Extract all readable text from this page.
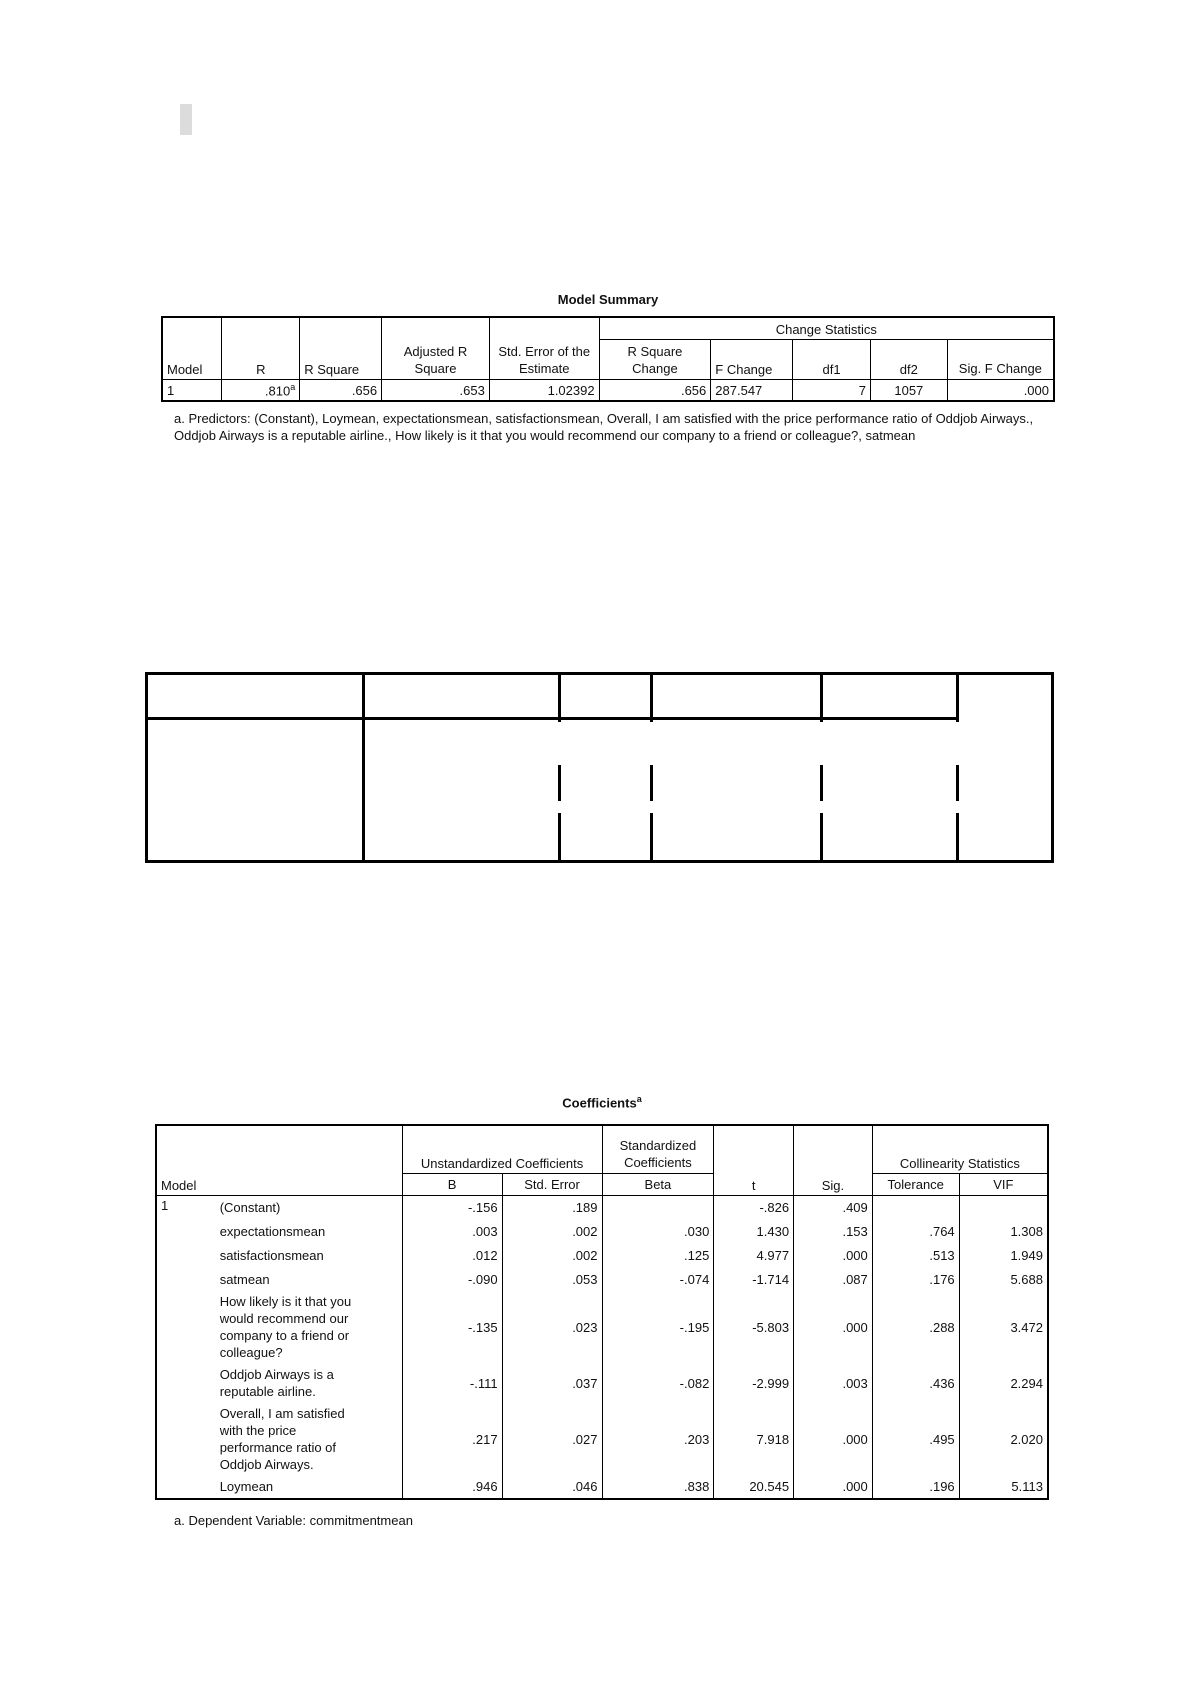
Model Summary
Model	R	R Square	Adjusted R Square	Std. Error of the Estimate	Change Statistics				
					R Square Change	F Change	df1	df2	Sig. F Change
1	.810$^a$	.656	.653	1.02392	.656	287.547	7	1057	.000
a. Predictors: (Constant), Loymean, expectationsmean, satisfactionsmean, Overall, I am satisfied with the price performance ratio of Oddjob Airways., Oddjob Airways is a reputable airline., How likely is it that you would recommend our company to a friend or colleague?, satmean
Coefficients$^a$
Model		Unstandardized Coefficients		Standardized Coefficients	t	Sig.	Collinearity Statistics	
		B	Std. Error	Beta			Tolerance	VIF
1	(Constant)	-.156	.189		-.826	.409		
	expectationsmean	.003	.002	.030	1.430	.153	.764	1.308
	satisfactionsmean	.012	.002	.125	4.977	.000	.513	1.949
	satmean	-.090	.053	-.074	-1.714	.087	.176	5.688
	How likely is it that you would recommend our company to a friend or colleague?	-.135	.023	-.195	-5.803	.000	.288	3.472
	Oddjob Airways is a reputable airline.	-.111	.037	-.082	-2.999	.003	.436	2.294
	Overall, I am satisfied with the price performance ratio of Oddjob Airways.	.217	.027	.203	7.918	.000	.495	2.020
	Loymean	.946	.046	.838	20.545	.000	.196	5.113
a. Dependent Variable: commitmentmean
